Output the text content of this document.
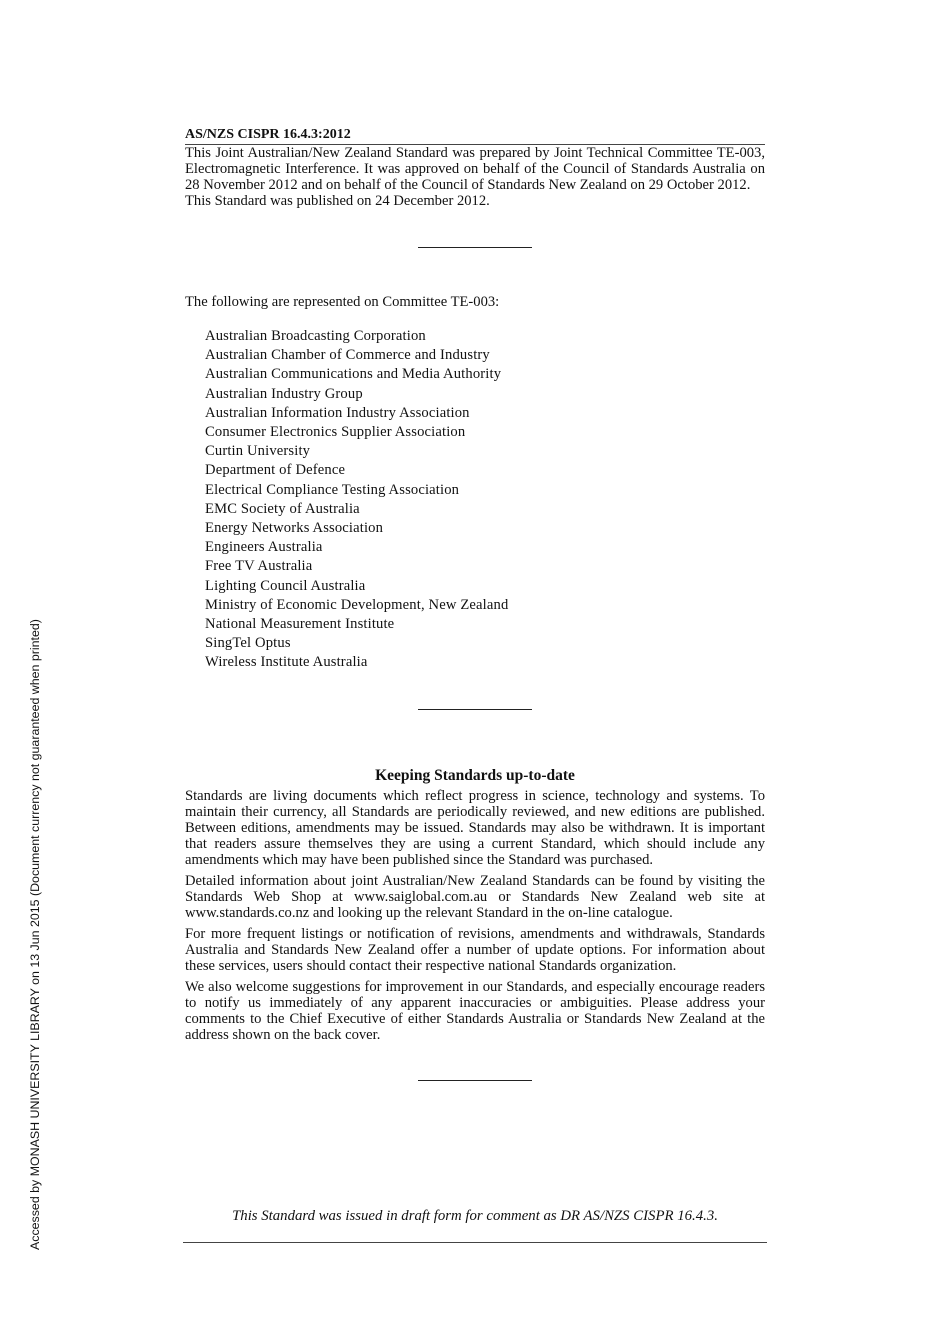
Accessed by MONASH UNIVERSITY LIBRARY on 13 Jun 2015 (Document currency not guaranteed when printed)
AS/NZS CISPR 16.4.3:2012

This Joint Australian/New Zealand Standard was prepared by Joint Technical Committee TE-003, Electromagnetic Interference. It was approved on behalf of the Council of Standards Australia on 28 November 2012 and on behalf of the Council of Standards New Zealand on 29 October 2012.

This Standard was published on 24 December 2012.

The following are represented on Committee TE-003:

Australian Broadcasting Corporation
Australian Chamber of Commerce and Industry
Australian Communications and Media Authority
Australian Industry Group
Australian Information Industry Association
Consumer Electronics Supplier Association
Curtin University
Department of Defence
Electrical Compliance Testing Association
EMC Society of Australia
Energy Networks Association
Engineers Australia
Free TV Australia
Lighting Council Australia
Ministry of Economic Development, New Zealand
National Measurement Institute
SingTel Optus
Wireless Institute Australia
Keeping Standards up-to-date

Standards are living documents which reflect progress in science, technology and systems. To maintain their currency, all Standards are periodically reviewed, and new editions are published. Between editions, amendments may be issued. Standards may also be withdrawn. It is important that readers assure themselves they are using a current Standard, which should include any amendments which may have been published since the Standard was purchased.

Detailed information about joint Australian/New Zealand Standards can be found by visiting the Standards Web Shop at www.saiglobal.com.au or Standards New Zealand web site at www.standards.co.nz and looking up the relevant Standard in the on-line catalogue.

For more frequent listings or notification of revisions, amendments and withdrawals, Standards Australia and Standards New Zealand offer a number of update options. For information about these services, users should contact their respective national Standards organization.

We also welcome suggestions for improvement in our Standards, and especially encourage readers to notify us immediately of any apparent inaccuracies or ambiguities. Please address your comments to the Chief Executive of either Standards Australia or Standards New Zealand at the address shown on the back cover.

This Standard was issued in draft form for comment as DR AS/NZS CISPR 16.4.3.
